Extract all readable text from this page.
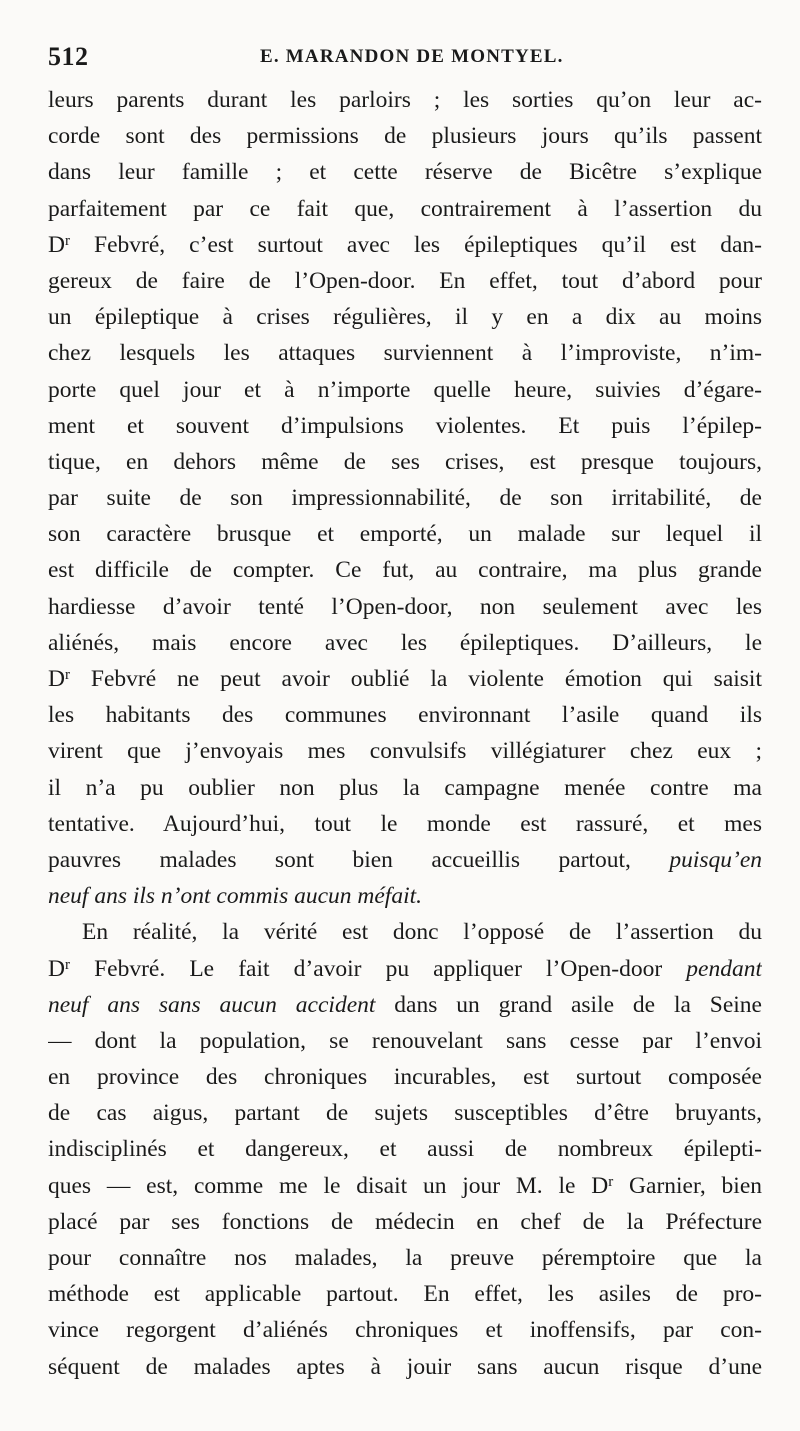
512	E. MARANDON DE MONTYEL.
leurs parents durant les parloirs ; les sorties qu’on leur ac-
corde sont des permissions de plusieurs jours qu’ils passent
dans leur famille ; et cette réserve de Bicêtre s’explique
parfaitement par ce fait que, contrairement à l’assertion du
$D^r$ Febvré, c’est surtout avec les épileptiques qu’il est dan-
gereux de faire de l’Open-door. En effet, tout d’abord pour
un épileptique à crises régulières, il y en a dix au moins
chez lesquels les attaques surviennent à l’improviste, n’im-
porte quel jour et à n’importe quelle heure, suivies d’égare-
ment et souvent d’impulsions violentes. Et puis l’épilep-
tique, en dehors même de ses crises, est presque toujours,
par suite de son impressionnabilité, de son irritabilité, de
son caractère brusque et emporté, un malade sur lequel il
est difficile de compter. Ce fut, au contraire, ma plus grande
hardiesse d’avoir tenté l’Open-door, non seulement avec les
aliénés, mais encore avec les épileptiques. D’ailleurs, le
$D^r$ Febvré ne peut avoir oublié la violente émotion qui saisit
les habitants des communes environnant l’asile quand ils
virent que j’envoyais mes convulsifs villégiaturer chez eux ;
il n’a pu oublier non plus la campagne menée contre ma
tentative. Aujourd’hui, tout le monde est rassuré, et mes
pauvres malades sont bien accueillis partout, puisqu’en
neuf ans ils n’ont commis aucun méfait.
En réalité, la vérité est donc l’opposé de l’assertion du
$D^r$ Febvré. Le fait d’avoir pu appliquer l’Open-door pendant
neuf ans sans aucun accident dans un grand asile de la Seine
— dont la population, se renouvelant sans cesse par l’envoi
en province des chroniques incurables, est surtout composée
de cas aigus, partant de sujets susceptibles d’être bruyants,
indisciplinés et dangereux, et aussi de nombreux épilepti-
ques — est, comme me le disait un jour M. le $D^r$ Garnier, bien
placé par ses fonctions de médecin en chef de la Préfecture
pour connaître nos malades, la preuve péremptoire que la
méthode est applicable partout. En effet, les asiles de pro-
vince regorgent d’aliénés chroniques et inoffensifs, par con-
séquent de malades aptes à jouir sans aucun risque d’une
